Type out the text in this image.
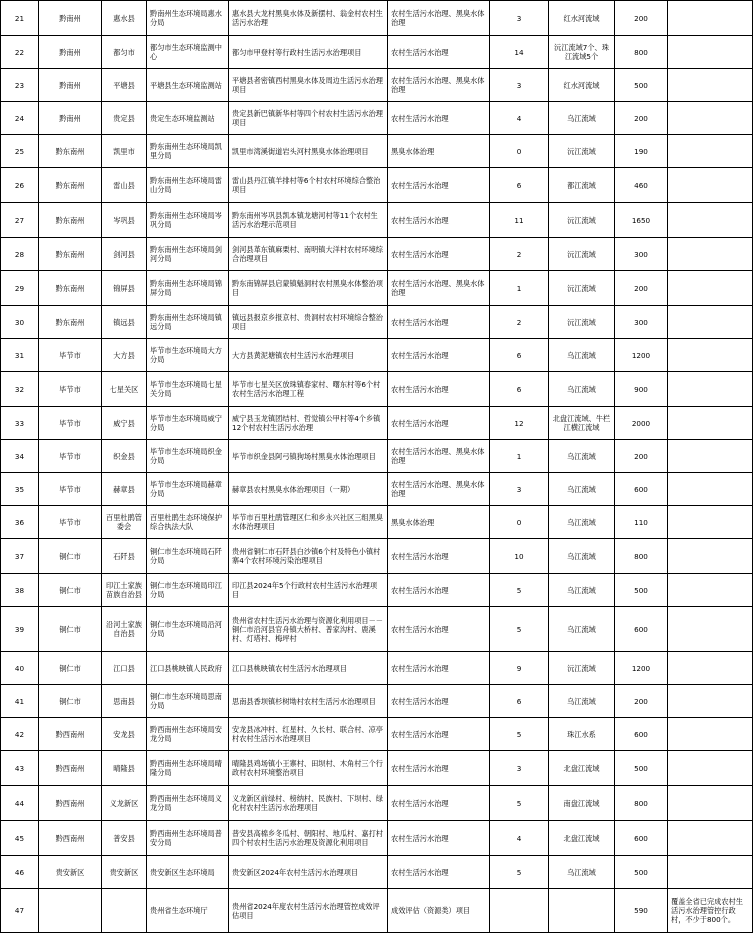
21	黔南州	惠水县	黔南州生态环境局惠水分局	惠水县大龙村黑臭水体及新摆村、翁金村农村生活污水治理	农村生活污水治理、黑臭水体治理	3	红水河流域	200	
22	黔南州	都匀市	都匀市生态环境监测中心	都匀市甲登村等行政村生活污水治理项目	农村生活污水治理	14	沅江流域7个、珠江流域5个	800	
23	黔南州	平塘县	平塘县生态环境监测站	平塘县者密镇西村黑臭水体及周边生活污水治理项目	农村生活污水治理、黑臭水体治理	3	红水河流域	500	
24	黔南州	贵定县	贵定生态环境监测站	贵定县新巴镇新华村等四个村农村生活污水治理项目	农村生活污水治理	4	乌江流域	200	
25	黔东南州	凯里市	黔东南州生态环境局凯里分局	凯里市湾溪街道岩头河村黑臭水体治理项目	黑臭水体治理	0	沅江流域	190	
26	黔东南州	雷山县	黔东南州生态环境局雷山分局	雷山县丹江镇羊排村等6个村农村环境综合整治项目	农村生活污水治理	6	都江流域	460	
27	黔东南州	岑巩县	黔东南州生态环境局岑巩分局	黔东南州岑巩县凯本镇龙塘河村等11个农村生活污水治理示范项目	农村生活污水治理	11	沅江流域	1650	
28	黔东南州	剑河县	黔东南州生态环境局剑河分局	剑河县革东镇麻栗村、南明镇大洋村农村环境综合治理项目	农村生活污水治理	2	沅江流域	300	
29	黔东南州	锦屏县	黔东南州生态环境局锦屏分局	黔东南锦屏县启蒙镇魁洞村农村黑臭水体整治项目	农村生活污水治理、黑臭水体治理	1	沅江流域	200	
30	黔东南州	镇远县	黔东南州生态环境局镇远分局	镇远县报京乡报京村、贵洞村农村环境综合整治项目	农村生活污水治理	2	沅江流域	300	
31	毕节市	大方县	毕节市生态环境局大方分局	大方县黄泥塘镇农村生活污水治理项目	农村生活污水治理	6	乌江流域	1200	
32	毕节市	七星关区	毕节市生态环境局七星关分局	毕节市七星关区放珠镇春家村、曙东村等6个村农村生活污水治理工程	农村生活污水治理	6	乌江流域	900	
33	毕节市	威宁县	毕节市生态环境局威宁分局	威宁县玉龙镇团结村、哲觉镇公甲村等4个乡镇12个村农村生活污水治理	农村生活污水治理	12	北盘江流域、牛栏江横江流域	2000	
34	毕节市	织金县	毕节市生态环境局织金分局	毕节市织金县阿弓镇狗场村黑臭水体治理项目	农村生活污水治理、黑臭水体治理	1	乌江流域	200	
35	毕节市	赫章县	毕节市生态环境局赫章分局	赫章县农村黑臭水体治理项目（一期）	农村生活污水治理、黑臭水体治理	3	乌江流域	600	
36	毕节市	百里杜鹃管委会	百里杜鹃生态环境保护综合执法大队	毕节市百里杜鹃管理区仁和乡永兴社区三组黑臭水体治理项目	黑臭水体治理	0	乌江流域	110	
37	铜仁市	石阡县	铜仁市生态环境局石阡分局	贵州省铜仁市石阡县白沙镇6个村及特色小镇村寨4个农村环境污染治理项目	农村生活污水治理	10	乌江流域	800	
38	铜仁市	印江土家族苗族自治县	铜仁市生态环境局印江分局	印江县2024年5个行政村农村生活污水治理项目	农村生活污水治理	5	乌江流域	500	
39	铜仁市	沿河土家族自治县	铜仁市生态环境局沿河分局	贵州省农村生活污水治理与资源化利用项目－－铜仁市沿河县官舟镇大桥村、普家沟村、鹿溪村、灯塔村、梅坪村	农村生活污水治理	5	乌江流域	600	
40	铜仁市	江口县	江口县桃映镇人民政府	江口县桃映镇农村生活污水治理项目	农村生活污水治理	9	沅江流域	1200	
41	铜仁市	思南县	铜仁市生态环境局思南分局	思南县香坝镇杉树坳村农村生活污水治理项目	农村生活污水治理	6	乌江流域	200	
42	黔西南州	安龙县	黔西南州生态环境局安龙分局	安龙县冰冲村、红星村、久长村、联合村、凉亭村农村生活污水治理项目	农村生活污水治理	5	珠江水系	600	
43	黔西南州	晴隆县	黔西南州生态环境局晴隆分局	晴隆县鸡场镇小王寨村、田坝村、木角村三个行政村农村环境整治项目	农村生活污水治理	3	北盘江流域	500	
44	黔西南州	义龙新区	黔西南州生态环境局义龙分局	义龙新区前绿村、榜纳村、民族村、下坝村、绿化村农村生活污水治理项目	农村生活污水治理	5	南盘江流域	800	
45	黔西南州	普安县	黔西南州生态环境局普安分局	普安县高棉乡冬瓜村、朝阳村、地瓜村、嘉打村四个村农村生活污水治理及资源化利用项目	农村生活污水治理	4	北盘江流域	600	
46	贵安新区	贵安新区	贵安新区生态环境局	贵安新区2024年农村生活污水治理项目	农村生活污水治理	5	乌江流域	500	
47			贵州省生态环境厅	贵州省2024年度农村生活污水治理管控成效评估项目	成效评估（资源类）项目			590	覆盖全省已完成农村生活污水治理管控行政村，不少于800个。
